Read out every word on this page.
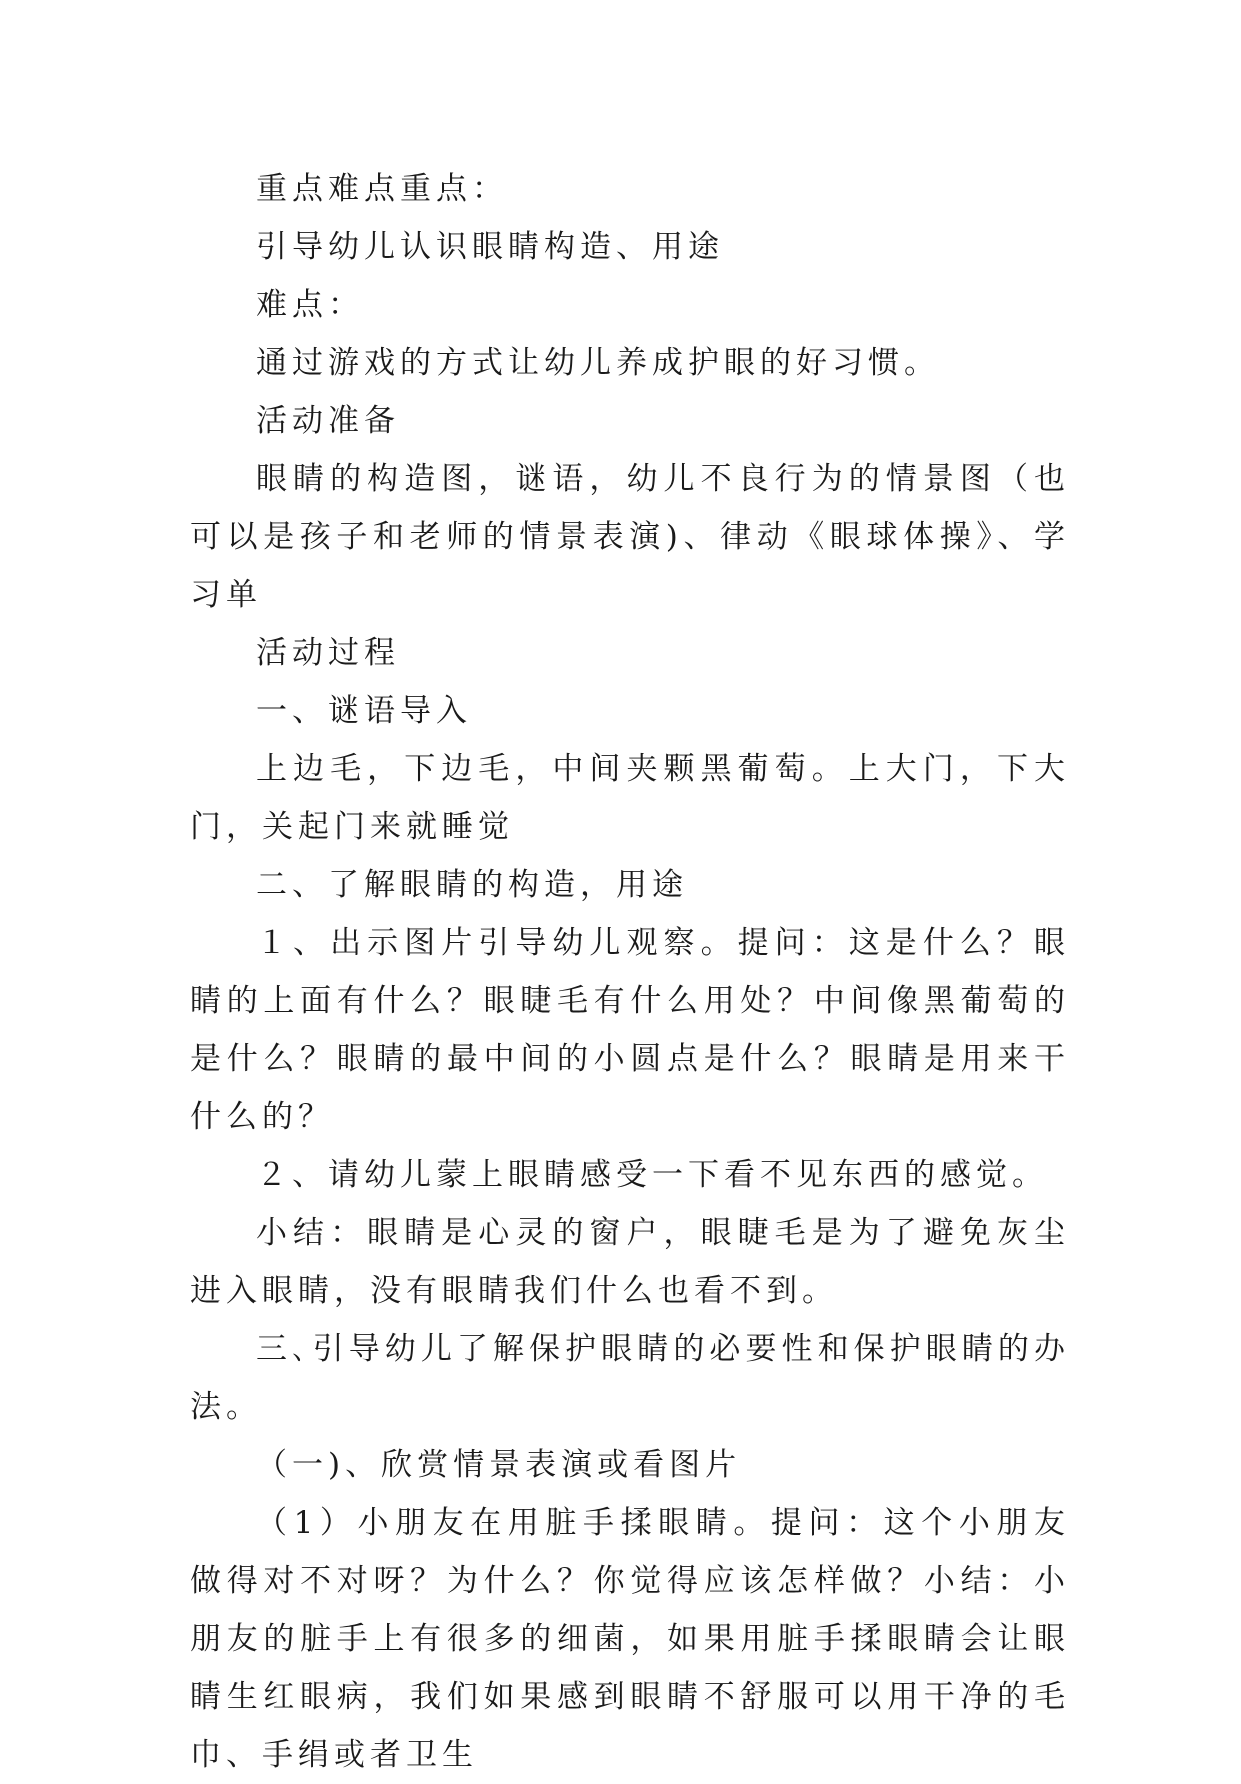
重点难点重点：

引导幼儿认识眼睛构造、用途

难点：

通过游戏的方式让幼儿养成护眼的好习惯。

活动准备

眼睛的构造图，谜语，幼儿不良行为的情景图（也可以是孩子和老师的情景表演)、律动《眼球体操》、学习单

活动过程

一、谜语导入

上边毛，下边毛，中间夹颗黑葡萄。上大门，下大门，关起门来就睡觉

二、了解眼睛的构造，用途

１、出示图片引导幼儿观察。提问：这是什么？眼睛的上面有什么？眼睫毛有什么用处？中间像黑葡萄的是什么？眼睛的最中间的小圆点是什么？眼睛是用来干什么的？

２、请幼儿蒙上眼睛感受一下看不见东西的感觉。

小结：眼睛是心灵的窗户，眼睫毛是为了避免灰尘进入眼睛，没有眼睛我们什么也看不到。

三､引导幼儿了解保护眼睛的必要性和保护眼睛的办法。

（一)、欣赏情景表演或看图片

（1）小朋友在用脏手揉眼睛。提问：这个小朋友做得对不对呀？为什么？你觉得应该怎样做？小结：小朋友的脏手上有很多的细菌，如果用脏手揉眼睛会让眼睛生红眼病，我们如果感到眼睛不舒服可以用干净的毛巾、手绢或者卫生
